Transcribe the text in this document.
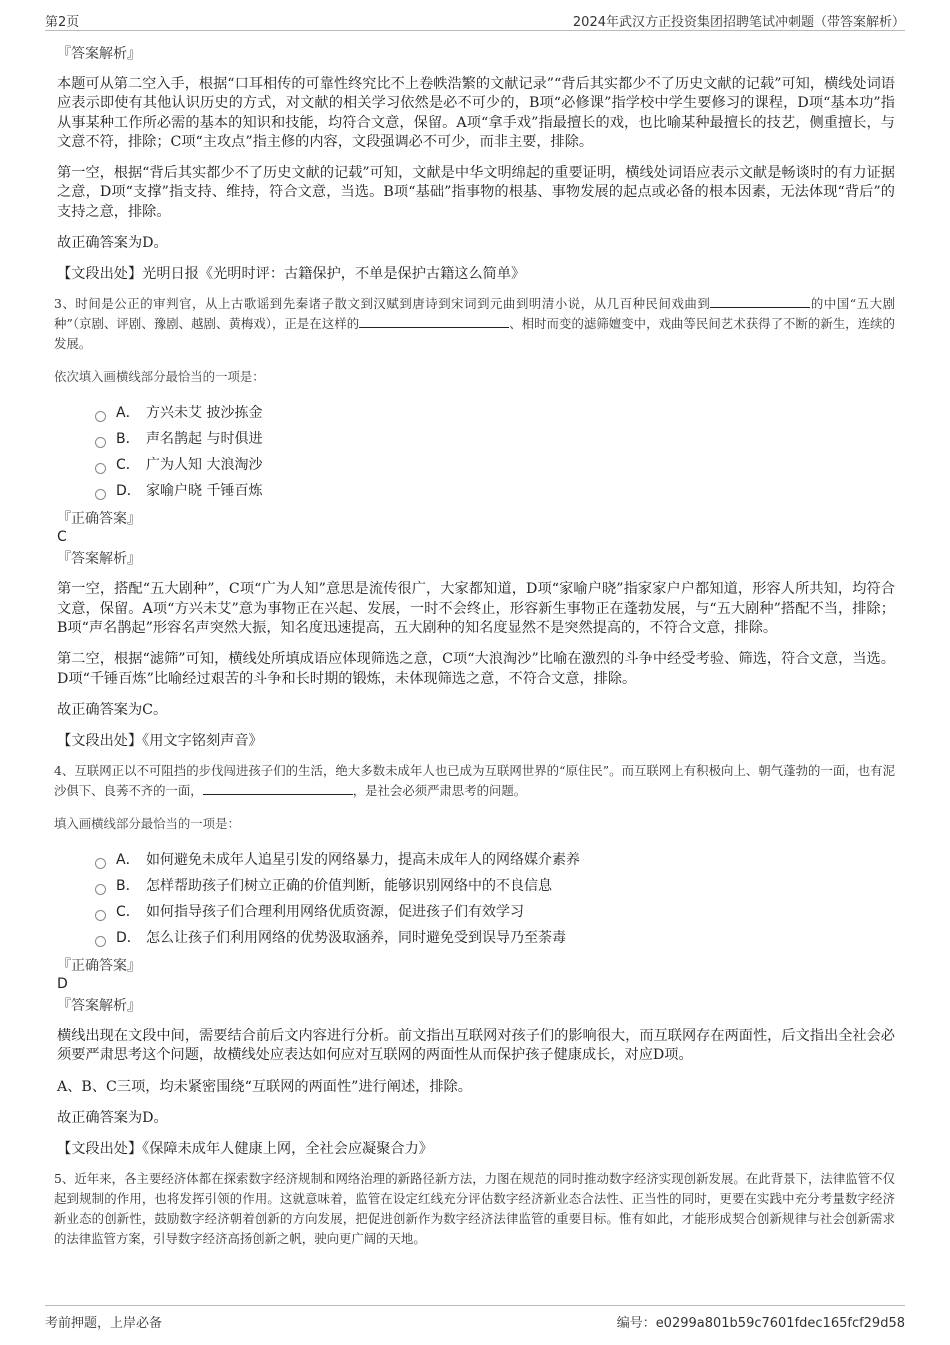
第2页	2024年武汉方正投资集团招聘笔试冲刺题（带答案解析）
『答案解析』

本题可从第二空入手，根据“口耳相传的可靠性终究比不上卷帙浩繁的文献记录”“背后其实都少不了历史文献的记载”可知，横线处词语应表示即使有其他认识历史的方式，对文献的相关学习依然是必不可少的，B项“必修课”指学校中学生要修习的课程，D项“基本功”指从事某种工作所必需的基本的知识和技能，均符合文意，保留。A项“拿手戏”指最擅长的戏，也比喻某种最擅长的技艺，侧重擅长，与文意不符，排除；C项“主攻点”指主修的内容，文段强调必不可少，而非主要，排除。

第一空，根据“背后其实都少不了历史文献的记载”可知，文献是中华文明绵起的重要证明，横线处词语应表示文献是畅谈时的有力证据之意，D项“支撑”指支持、维持，符合文意，当选。B项“基础”指事物的根基、事物发展的起点或必备的根本因素，无法体现“背后”的支持之意，排除。

故正确答案为D。

【文段出处】光明日报《光明时评：古籍保护，不单是保护古籍这么简单》

3、时间是公正的审判官，从上古歌谣到先秦诸子散文到汉赋到唐诗到宋词到元曲到明清小说，从几百种民间戏曲到	的中国“五大剧种”（京剧、评剧、豫剧、越剧、黄梅戏），正是在这样的	、相时而变的滤筛嬗变中，戏曲等民间艺术获得了不断的新生，连续的发展。

依次填入画横线部分最恰当的一项是：

A． 方兴未艾 披沙拣金
B． 声名鹊起 与时俱进
C． 广为人知 大浪淘沙
D． 家喻户晓 千锤百炼

『正确答案』

C

『答案解析』

第一空，搭配“五大剧种”，C项“广为人知”意思是流传很广，大家都知道，D项“家喻户晓”指家家户户都知道，形容人所共知，均符合文意，保留。A项“方兴未艾”意为事物正在兴起、发展，一时不会终止，形容新生事物正在蓬勃发展，与“五大剧种”搭配不当，排除；B项“声名鹊起”形容名声突然大振，知名度迅速提高，五大剧种的知名度显然不是突然提高的，不符合文意，排除。

第二空，根据“滤筛”可知，横线处所填成语应体现筛选之意，C项“大浪淘沙”比喻在激烈的斗争中经受考验、筛选，符合文意，当选。D项“千锤百炼”比喻经过艰苦的斗争和长时期的锻炼，未体现筛选之意，不符合文意，排除。

故正确答案为C。

【文段出处】《用文字铭刻声音》

4、互联网正以不可阻挡的步伐闯进孩子们的生活，绝大多数未成年人也已成为互联网世界的“原住民”。而互联网上有积极向上、朝气蓬勃的一面，也有泥沙俱下、良莠不齐的一面，	，是社会必须严肃思考的问题。

填入画横线部分最恰当的一项是：

A． 如何避免未成年人追星引发的网络暴力，提高未成年人的网络媒介素养
B． 怎样帮助孩子们树立正确的价值判断，能够识别网络中的不良信息
C． 如何指导孩子们合理利用网络优质资源，促进孩子们有效学习
D． 怎么让孩子们利用网络的优势汲取涵养，同时避免受到误导乃至荼毒

『正确答案』

D

『答案解析』

横线出现在文段中间，需要结合前后文内容进行分析。前文指出互联网对孩子们的影响很大，而互联网存在两面性，后文指出全社会必须要严肃思考这个问题，故横线处应表达如何应对互联网的两面性从而保护孩子健康成长，对应D项。

A、B、C三项，均未紧密围绕“互联网的两面性”进行阐述，排除。

故正确答案为D。

【文段出处】《保障未成年人健康上网，全社会应凝聚合力》

5、近年来，各主要经济体都在探索数字经济规制和网络治理的新路径新方法，力图在规范的同时推动数字经济实现创新发展。在此背景下，法律监管不仅起到规制的作用，也将发挥引领的作用。这就意味着，监管在设定红线充分评估数字经济新业态合法性、正当性的同时，更要在实践中充分考量数字经济新业态的创新性，鼓励数字经济朝着创新的方向发展，把促进创新作为数字经济法律监管的重要目标。惟有如此，才能形成契合创新规律与社会创新需求的法律监管方案，引导数字经济高扬创新之帆，驶向更广阔的天地。

考前押题，上岸必备	编号：e0299a801b59c7601fdec165fcf29d58
